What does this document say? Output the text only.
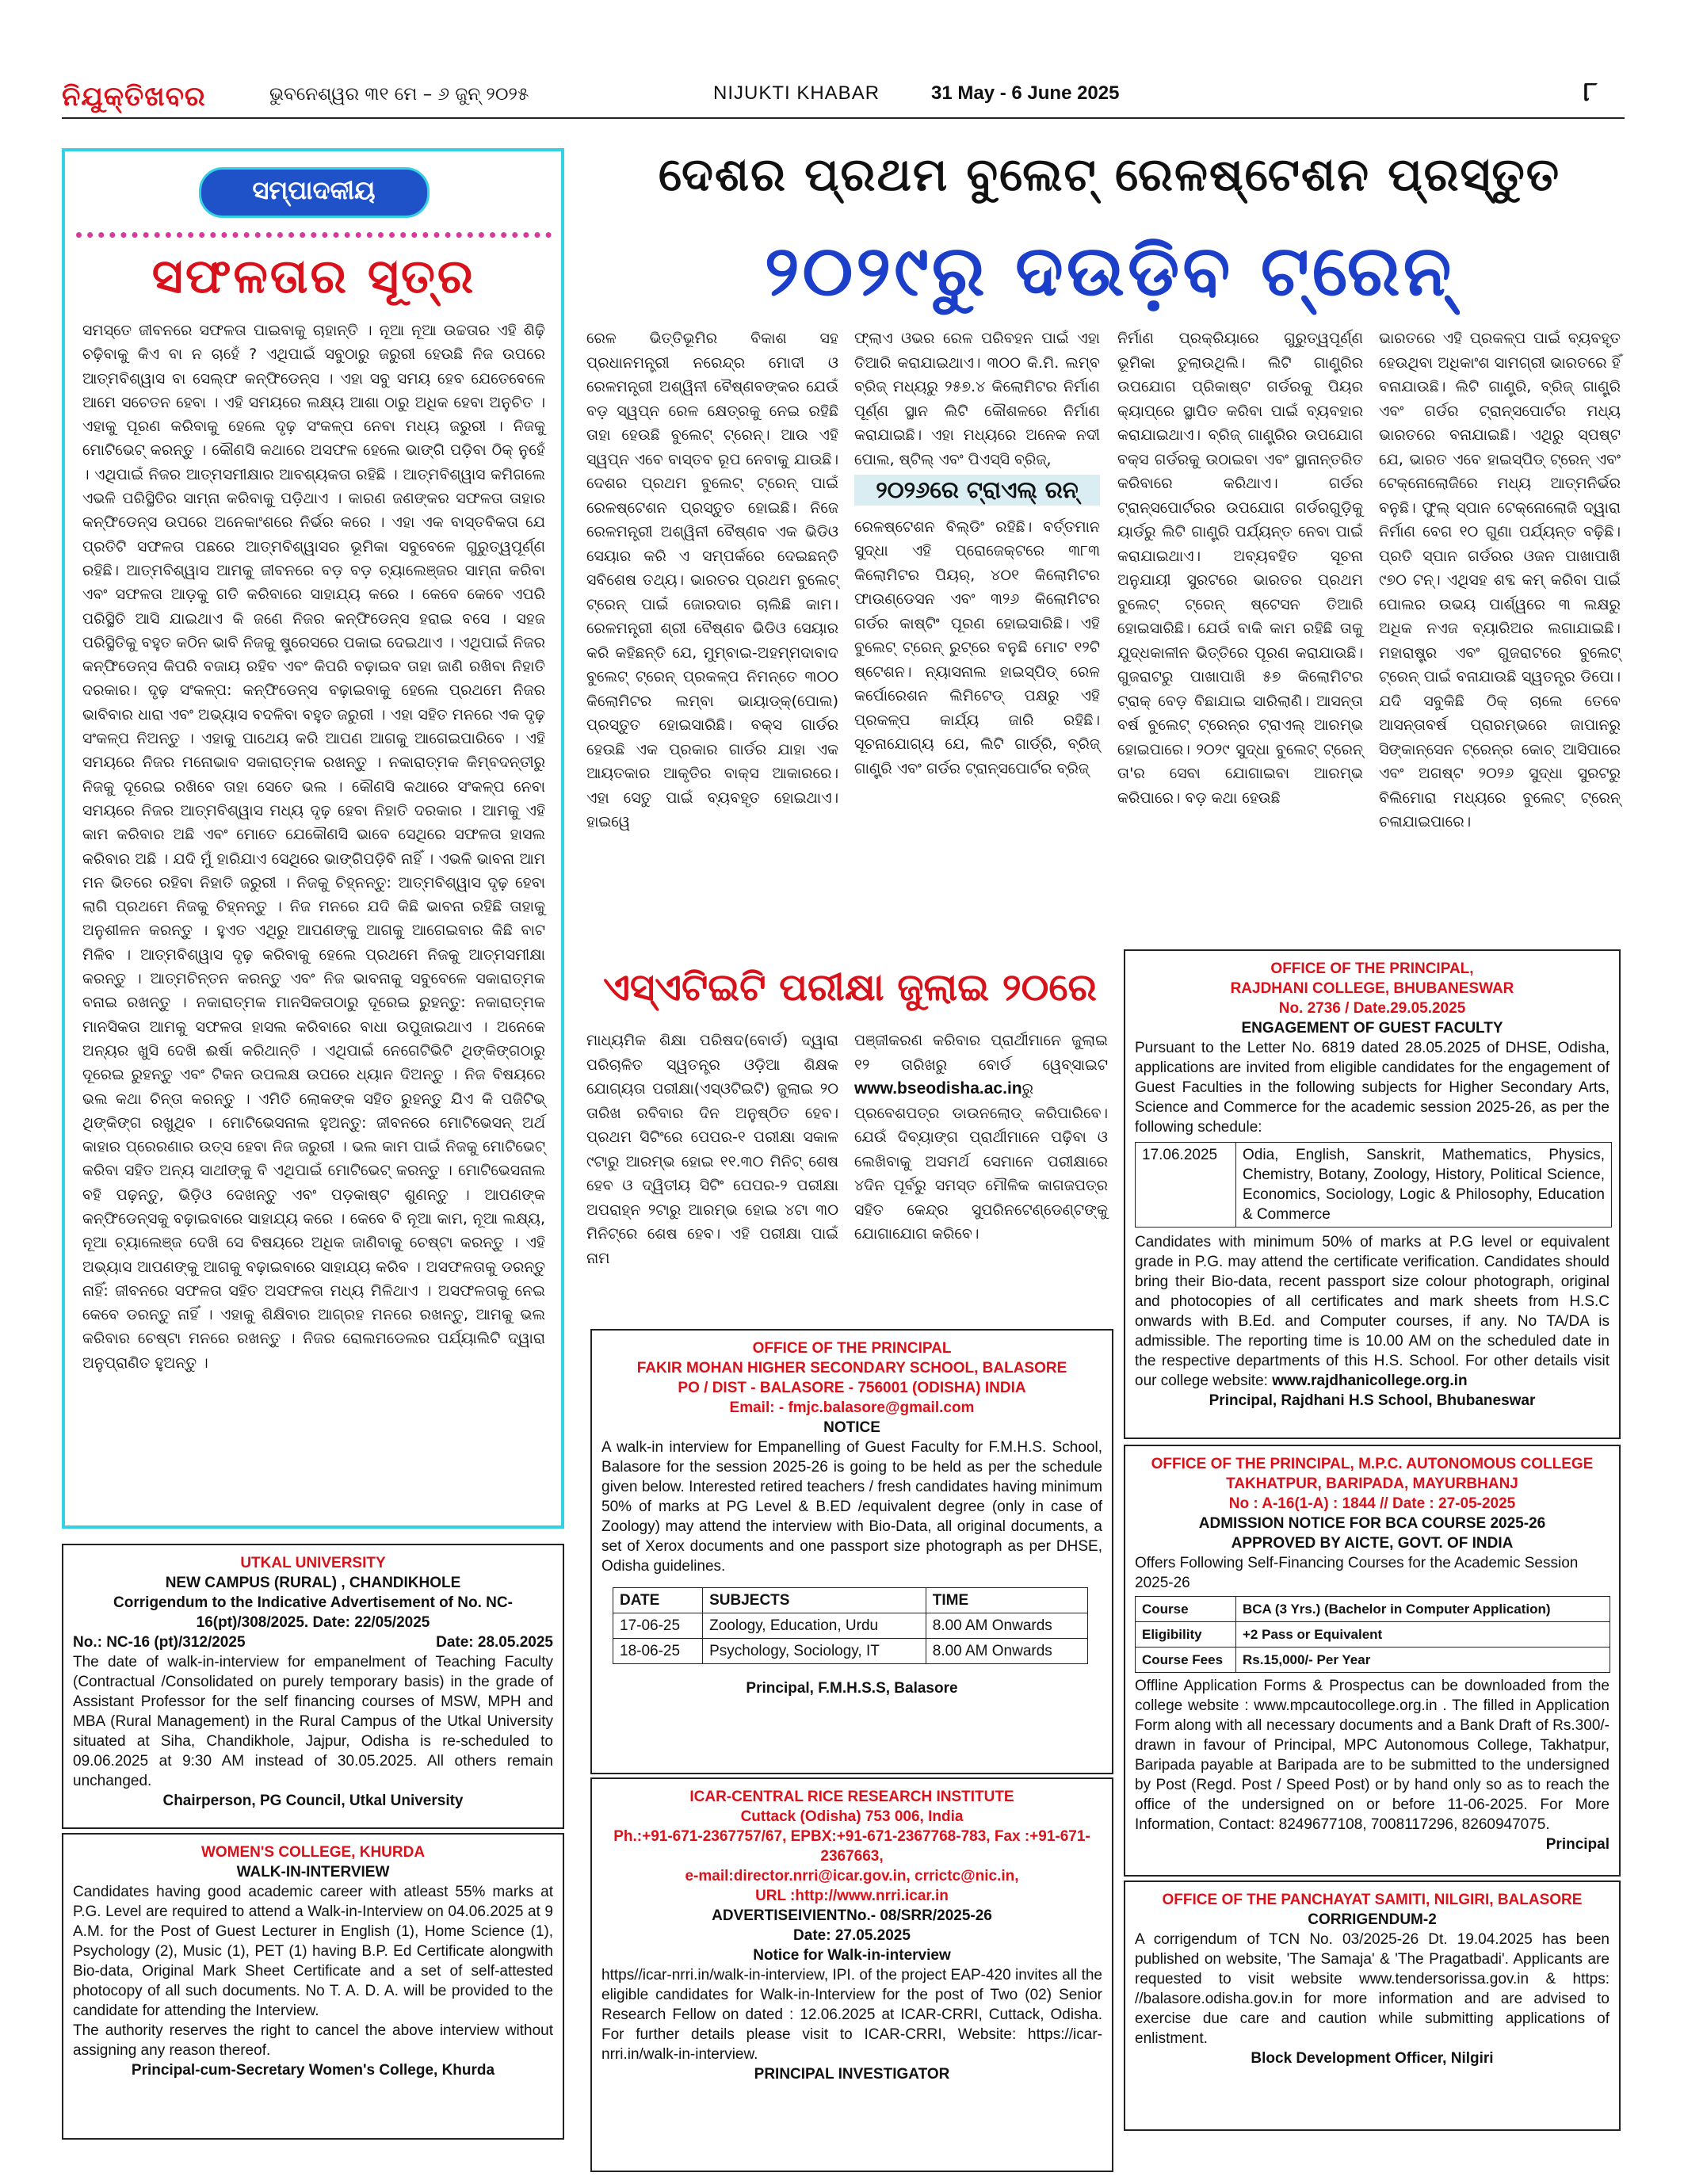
ନିଯୁକ୍ତିଖବର	ଭୁବନେଶ୍ୱର ୩୧ ମେ – ୬ ଜୁନ୍ ୨୦୨୫	NIJUKTI KHABAR	31 May - 6 June 2025	୮
ସମ୍ପାଦକୀୟ
ସଫଳତାର ସୂତ୍ର

ସମସ୍ତେ ଜୀବନରେ ସଫଳତା ପାଇବାକୁ ଚାହାନ୍ତି । ନୂଆ ନୂଆ ଉଚ୍ଚତାର ଏହି ଶିଢ଼ି ଚଢ଼ିବାକୁ କିଏ ବା ନ ଚାହେଁ ? ଏଥିପାଇଁ ସବୁଠାରୁ ଜରୁରୀ ହେଉଛି ନିଜ ଉପରେ ଆତ୍ମବିଶ୍ୱାସ ବା ସେଲ୍ଫ କନ୍ଫିଡେନ୍ସ । ଏହା ସବୁ ସମୟ ହେବ ଯେତେବେଳେ ଆମେ ସଚେତନ ହେବା । ଏହି ସମୟରେ ଲକ୍ଷ୍ୟ ଆଶା ଠାରୁ ଅଧିକ ହେବା ଅନୁଚିତ । ଏହାକୁ ପୂରଣ କରିବାକୁ ହେଲେ ଦୃଢ଼ ସଂକଳ୍ପ ନେବା ମଧ୍ୟ ଜରୁରୀ । ନିଜକୁ ମୋଟିଭେଟ୍ କରନ୍ତୁ । କୌଣସି କଥାରେ ଅସଫଳ ହେଲେ ଭାଙ୍ଗି ପଡ଼ିବା ଠିକ୍ ନୁହେଁ । ଏଥିପାଇଁ ନିଜର ଆତ୍ମସମୀକ୍ଷାର ଆବଶ୍ୟକତା ରହିଛି । ଆତ୍ମବିଶ୍ୱାସ କମିଗଲେ ଏଭଳି ପରିସ୍ଥିତିର ସାମ୍ନା କରିବାକୁ ପଡ଼ିଥାଏ । କାରଣ ଜଣଙ୍କର ସଫଳତା ତାହାର କନ୍ଫିଡେନ୍ସ ଉପରେ ଅନେକାଂଶରେ ନିର୍ଭର କରେ । ଏହା ଏକ ବାସ୍ତବିକତା ଯେ ପ୍ରତିଟି ସଫଳତା ପଛରେ ଆତ୍ମବିଶ୍ୱାସର ଭୂମିକା ସବୁବେଳେ ଗୁରୁତ୍ୱପୂର୍ଣ୍ଣ ରହିଛି। ଆତ୍ମବିଶ୍ୱାସ ଆମକୁ ଜୀବନରେ ବଡ଼ ବଡ଼ ଚ୍ୟାଲେଞ୍ଜର ସାମ୍ନା କରିବା ଏବଂ ସଫଳତା ଆଡ଼କୁ ଗତି କରିବାରେ ସାହାଯ୍ୟ କରେ । କେବେ କେବେ ଏପରି ପରିସ୍ଥିତି ଆସି ଯାଇଥାଏ କି ଜଣେ ନିଜର କନ୍ଫିଡେନ୍ସ ହରାଇ ବସେ । ସହଜ ପରିସ୍ଥିତିକୁ ବହୁତ କଠିନ ଭାବି ନିଜକୁ ଷ୍ଟ୍ରେସରେ ପକାଇ ଦେଇଥାଏ । ଏଥିପାଇଁ ନିଜର କନ୍ଫିଡେନ୍ସ କିପରି ବଜାୟ ରହିବ ଏବଂ କିପରି ବଢ଼ାଇବ ତାହା ଜାଣି ରଖିବା ନିହାତି ଦରକାର। ଦୃଢ଼ ସଂକଳ୍ପ: କନ୍ଫିଡେନ୍ସ ବଢ଼ାଇବାକୁ ହେଲେ ପ୍ରଥମେ ନିଜର ଭାବିବାର ଧାରା ଏବଂ ଅଭ୍ୟାସ ବଦଳିବା ବହୁତ ଜରୁରୀ । ଏହା ସହିତ ମନରେ ଏକ ଦୃଢ଼ ସଂକଳ୍ପ ନିଅନ୍ତୁ । ଏହାକୁ ପାଥେୟ କରି ଆପଣ ଆଗକୁ ଆଗେଇପାରିବେ । ଏହି ସମୟରେ ନିଜର ମନୋଭାବ ସକାରାତ୍ମକ ରଖନ୍ତୁ । ନକାରାତ୍ମକ କିମ୍ବଦନ୍ତୀରୁ ନିଜକୁ ଦୂରେଇ ରଖିବେ ତାହା ସେତେ ଭଲ । କୌଣସି କଥାରେ ସଂକଳ୍ପ ନେବା ସମୟରେ ନିଜର ଆତ୍ମବିଶ୍ୱାସ ମଧ୍ୟ ଦୃଢ଼ ହେବା ନିହାତି ଦରକାର । ଆମକୁ ଏହି କାମ କରିବାର ଅଛି ଏବଂ ମୋତେ ଯେକୌଣସି ଭାବେ ସେଥିରେ ସଫଳତା ହାସଲ କରିବାର ଅଛି । ଯଦି ମୁଁ ହାରିଯାଏ ସେଥିରେ ଭାଙ୍ଗିପଡ଼ିବି ନାହିଁ । ଏଭଳି ଭାବନା ଆମ ମନ ଭିତରେ ରହିବା ନିହାତି ଜରୁରୀ । ନିଜକୁ ଚିହ୍ନନ୍ତୁ: ଆତ୍ମବିଶ୍ୱାସ ଦୃଢ଼ ହେବା ଲାଗି ପ୍ରଥମେ ନିଜକୁ ଚିହ୍ନନ୍ତୁ । ନିଜ ମନରେ ଯଦି କିଛି ଭାବନା ରହିଛି ତାହାକୁ ଅନୁଶୀଳନ କରନ୍ତୁ । ହୁଏତ ଏଥିରୁ ଆପଣଙ୍କୁ ଆଗକୁ ଆଗେଇବାର କିଛି ବାଟ ମିଳିବ । ଆତ୍ମବିଶ୍ୱାସ ଦୃଢ଼ କରିବାକୁ ହେଲେ ପ୍ରଥମେ ନିଜକୁ ଆତ୍ମସମୀକ୍ଷା କରନ୍ତୁ । ଆତ୍ମଚିନ୍ତନ କରନ୍ତୁ ଏବଂ ନିଜ ଭାବନାକୁ ସବୁବେଳେ ସକାରାତ୍ମକ ବନାଇ ରଖନ୍ତୁ । ନକାରାତ୍ମକ ମାନସିକତାଠାରୁ ଦୂରେଇ ରୁହନ୍ତୁ: ନକାରାତ୍ମକ ମାନସିକତା ଆମକୁ ସଫଳତା ହାସଲ କରିବାରେ ବାଧା ଉପୁଜାଇଥାଏ । ଅନେକେ ଅନ୍ୟର ଖୁସି ଦେଖି ଈର୍ଷା କରିଥାନ୍ତି । ଏଥିପାଇଁ ନେଗେଟିଭିଟି ଥିଙ୍କିଙ୍ଗଠାରୁ ଦୂରେଇ ରୁହନ୍ତୁ ଏବଂ ଟିକନ ଉପଲକ୍ଷ ଉପରେ ଧ୍ୟାନ ଦିଅନ୍ତୁ । ନିଜ ବିଷୟରେ ଭଲ କଥା ଚିନ୍ତା କରନ୍ତୁ । ଏମିତି ଲୋକଙ୍କ ସହିତ ରୁହନ୍ତୁ ଯିଏ କି ପଜିଟିଭ୍ ଥିଙ୍କିଙ୍ଗ ରଖୁଥିବ । ମୋଟିଭେସନାଲ ହୁଅନ୍ତୁ: ଜୀବନରେ ମୋଟିଭେସନ୍ ଅର୍ଥ କାହାର ପ୍ରେରଣାର ଉତ୍ସ ହେବା ନିଜ ଜରୁରୀ । ଭଲ କାମ ପାଇଁ ନିଜକୁ ମୋଟିଭେଟ୍ କରିବା ସହିତ ଅନ୍ୟ ସାଥୀଙ୍କୁ ବି ଏଥିପାଇଁ ମୋଟିଭେଟ୍ କରନ୍ତୁ । ମୋଟିଭେସନାଲ ବହି ପଢ଼ନ୍ତୁ, ଭିଡ଼ିଓ ଦେଖନ୍ତୁ ଏବଂ ପଡ଼କାଷ୍ଟ ଶୁଣନ୍ତୁ । ଆପଣଙ୍କ କନ୍ଫିଡେନ୍ସକୁ ବଢ଼ାଇବାରେ ସାହାଯ୍ୟ କରେ । କେବେ ବି ନୂଆ କାମ, ନୂଆ ଲକ୍ଷ୍ୟ, ନୂଆ ଚ୍ୟାଲେଞ୍ଜ ଦେଖି ସେ ବିଷୟରେ ଅଧିକ ଜାଣିବାକୁ ଚେଷ୍ଟା କରନ୍ତୁ । ଏହି ଅଭ୍ୟାସ ଆପଣଙ୍କୁ ଆଗକୁ ବଢ଼ାଇବାରେ ସାହାଯ୍ୟ କରିବ । ଅସଫଳତାକୁ ଡରନ୍ତୁ ନାହିଁ: ଜୀବନରେ ସଫଳତା ସହିତ ଅସଫଳତା ମଧ୍ୟ ମିଳିଥାଏ । ଅସଫଳତାକୁ ନେଇ କେବେ ଡରନ୍ତୁ ନାହିଁ । ଏହାକୁ ଶିକ୍ଷିବାର ଆଗ୍ରହ ମନରେ ରଖନ୍ତୁ, ଆମକୁ ଭଲ କରିବାର ଚେଷ୍ଟା ମନରେ ରଖନ୍ତୁ । ନିଜର ରୋଲମଡେଲର ପର୍ଯ୍ୟାଲିଟି ଦ୍ୱାରା ଅନୁପ୍ରାଣିତ ହୁଅନ୍ତୁ ।

ଦେଶର ପ୍ରଥମ ବୁଲେଟ୍ ରେଳଷ୍ଟେଶନ ପ୍ରସ୍ତୁତ
୨୦୨୯ରୁ ଦଉଡ଼ିବ ଟ୍ରେନ୍

ରେଳ ଭିତ୍ତିଭୂମିର ବିକାଶ ସହ ପ୍ରଧାନମନ୍ତ୍ରୀ ନରେନ୍ଦ୍ର ମୋଦୀ ଓ ରେଳମନ୍ତ୍ରୀ ଅଶ୍ୱିନୀ ବୈଷ୍ଣବଙ୍କର ଯେଉଁ ବଡ଼ ସ୍ୱପ୍ନ ରେଳ କ୍ଷେତ୍ରକୁ ନେଇ ରହିଛି ତାହା ହେଉଛି ବୁଲେଟ୍ ଟ୍ରେନ୍। ଆଉ ଏହି ସ୍ୱପ୍ନ ଏବେ ବାସ୍ତବ ରୂପ ନେବାକୁ ଯାଉଛି। ଦେଶର ପ୍ରଥମ ବୁଲେଟ୍ ଟ୍ରେନ୍ ପାଇଁ ରେଳଷ୍ଟେଶନ ପ୍ରସ୍ତୁତ ହୋଇଛି। ନିଜେ ରେଳମନ୍ତ୍ରୀ ଅଶ୍ୱିନୀ ବୈଷ୍ଣବ ଏକ ଭିଡିଓ ସେୟାର କରି ଏ ସମ୍ପର୍କରେ ଦେଇଛନ୍ତି ସବିଶେଷ ତଥ୍ୟ। ଭାରତର ପ୍ରଥମ ବୁଲେଟ୍ ଟ୍ରେନ୍ ପାଇଁ ଜୋରଦାର ଚାଲିଛି କାମ। ରେଳମନ୍ତ୍ରୀ ଶ୍ରୀ ବୈଷ୍ଣବ ଭିଡିଓ ସେୟାର କରି କହିଛନ୍ତି ଯେ, ମୁମ୍ବାଇ-ଅହମ୍ମଦାବାଦ ବୁଲେଟ୍ ଟ୍ରେନ୍ ପ୍ରକଳ୍ପ ନିମନ୍ତେ ୩୦୦ କିଲୋମିଟର ଲମ୍ବା ଭାୟାଡ୍କ୍(ପୋଲ) ପ୍ରସ୍ତୁତ ହୋଇସାରିଛି। ବକ୍ସ ଗାର୍ଡର ହେଉଛି ଏକ ପ୍ରକାର ଗାର୍ଡର ଯାହା ଏକ ଆୟତକାର ଆକୃତିର ବାକ୍ସ ଆକାରରେ। ଏହା ସେତୁ ପାଇଁ ବ୍ୟବହୃତ ହୋଇଥାଏ। ହାଇୱେ

ଫ୍ଲାଏ ଓଭର ରେଳ ପରିବହନ ପାଇଁ ଏହା ତିଆରି କରାଯାଇଥାଏ। ୩୦୦ କି.ମି. ଲମ୍ବ ବ୍ରିଜ୍ ମଧ୍ୟରୁ ୨୫୭.୪ କିଲୋମିଟର ନିର୍ମାଣ ପୂର୍ଣ୍ଣ ସ୍ଥାନ ଲିଟି କୌଶଳରେ ନିର୍ମାଣ କରାଯାଇଛି। ଏହା ମଧ୍ୟରେ ଅନେକ ନଦୀ ପୋଲ, ଷ୍ଟିଲ୍ ଏବଂ ପିଏସ୍‌ସି ବ୍ରିଜ୍,

୨୦୨୬ରେ ଟ୍ରାଏଲ୍ ରନ୍

ରେଳଷ୍ଟେଶନ ବିଲ୍ଡିଂ ରହିଛି। ବର୍ତ୍ତମାନ ସୁଦ୍ଧା ଏହି ପ୍ରୋଜେକ୍ଟରେ ୩୮୩ କିଲୋମିଟର ପିୟର୍, ୪୦୧ କିଲୋମିଟର ଫାଉଣ୍ଡେସନ ଏବଂ ୩୨୬ କିଲୋମିଟର ଗର୍ଡର କାଷ୍ଟିଂ ପୂରଣ ହୋଇସାରିଛି। ଏହି ବୁଲେଟ୍ ଟ୍ରେନ୍ ରୁଟ୍‌ରେ ବନୁଛି ମୋଟ ୧୨ଟି ଷ୍ଟେଶନ। ନ୍ୟାସନାଲ ହାଇସ୍ପିଡ୍ ରେଳ କର୍ପୋରେଶନ ଲିମିଟେଡ୍ ପକ୍ଷରୁ ଏହି ପ୍ରକଳ୍ପ କାର୍ଯ୍ୟ ଜାରି ରହିଛି। ସୂଚନାଯୋଗ୍ୟ ଯେ, ଲିଟି ଗାର୍ଡ୍ରି, ବ୍ରିଜ୍ ଗାଣ୍ଟ୍ରି ଏବଂ ଗର୍ଡର ଟ୍ରାନ୍ସପୋର୍ଟର ବ୍ରିଜ୍

ନିର୍ମାଣ ପ୍ରକ୍ରିୟାରେ ଗୁରୁତ୍ୱପୂର୍ଣ୍ଣ ଭୂମିକା ତୁଲାଉଥିଲି। ଲିଟି ଗାଣ୍ଟ୍ରିର ଉପଯୋଗ ପ୍ରିକାଷ୍ଟ ଗର୍ଡରକୁ ପିୟର କ୍ୟାପ୍‌ରେ ସ୍ଥାପିତ କରିବା ପାଇଁ ବ୍ୟବହାର କରାଯାଇଥାଏ। ବ୍ରିଜ୍ ଗାଣ୍ଟ୍ରିର ଉପଯୋଗ ବକ୍ସ ଗର୍ଡରକୁ ଉଠାଇବା ଏବଂ ସ୍ଥାନାନ୍ତରିତ କରିବାରେ କରିଥାଏ। ଗର୍ଡର ଟ୍ରାନ୍ସପୋର୍ଟରର ଉପଯୋଗ ଗର୍ଡରଗୁଡ଼ିକୁ ୟାର୍ଡରୁ ଲିଟି ଗାଣ୍ଟ୍ରି ପର୍ଯ୍ୟନ୍ତ ନେବା ପାଇଁ କରାଯାଇଥାଏ। ଅବ୍ୟବହିତ ସୂଚନା ଅନୁଯାୟୀ ସୁରଟରେ ଭାରତର ପ୍ରଥମ ବୁଲେଟ୍ ଟ୍ରେନ୍ ଷ୍ଟେସନ ତିଆରି ହୋଇସାରିଛି। ଯେଉଁ ବାକି କାମ ରହିଛି ତାକୁ ଯୁଦ୍ଧକାଳୀନ ଭିତ୍ତିରେ ପୂରଣ କରାଯାଉଛି। ଗୁଜରାଟରୁ ପାଖାପାଖି ୫୭ କିଲୋମିଟର ଟ୍ରାକ୍ ବେଡ଼ ବିଛାଯାଇ ସାରିଲାଣି। ଆସନ୍ତା ବର୍ଷ ବୁଲେଟ୍ ଟ୍ରେନ୍‌ର ଟ୍ରାଏଲ୍ ଆରମ୍ଭ ହୋଇପାରେ। ୨୦୨୯ ସୁଦ୍ଧା ବୁଲେଟ୍ ଟ୍ରେନ୍ ତା'ର ସେବା ଯୋଗାଇବା ଆରମ୍ଭ କରିପାରେ। ବଡ଼ କଥା ହେଉଛି

ଭାରତରେ ଏହି ପ୍ରକଳ୍ପ ପାଇଁ ବ୍ୟବହୃତ ହେଉଥିବା ଅଧିକାଂଶ ସାମଗ୍ରୀ ଭାରତରେ ହିଁ ବନାଯାଉଛି। ଲିଟି ଗାଣ୍ଟ୍ରି, ବ୍ରିଜ୍ ଗାଣ୍ଟ୍ରି ଏବଂ ଗର୍ଡର ଟ୍ରାନ୍ସପୋର୍ଟର ମଧ୍ୟ ଭାରତରେ ବନାଯାଇଛି। ଏଥିରୁ ସ୍ପଷ୍ଟ ଯେ, ଭାରତ ଏବେ ହାଇସ୍ପିଡ୍ ଟ୍ରେନ୍ ଏବଂ ଟେକ୍ନୋଲୋଜିରେ ମଧ୍ୟ ଆତ୍ମନିର୍ଭର ବନୁଛି। ଫୁଲ୍ ସ୍ପାନ ଟେକ୍ନୋଲୋଜି ଦ୍ୱାରା ନିର୍ମାଣ ବେଗ ୧୦ ଗୁଣା ପର୍ଯ୍ୟନ୍ତ ବଢ଼ିଛି। ପ୍ରତି ସ୍ପାନ ଗର୍ଡରର ଓଜନ ପାଖାପାଖି ୯୭୦ ଟନ୍। ଏଥିସହ ଶବ୍ଦ କମ୍ କରିବା ପାଇଁ ପୋଲର ଉଭୟ ପାର୍ଶ୍ୱରେ ୩ ଲକ୍ଷରୁ ଅଧିକ ନଏଜ ବ୍ୟାରିଅର ଲଗାଯାଇଛି। ମହାରାଷ୍ଟ୍ର ଏବଂ ଗୁଜରାଟରେ ବୁଲେଟ୍ ଟ୍ରେନ୍ ପାଇଁ ବନାଯାଉଛି ସ୍ୱତନ୍ତ୍ର ଡିପୋ। ଯଦି ସବୁକିଛି ଠିକ୍ ଚାଲେ ତେବେ ଆସନ୍ତାବର୍ଷ ପ୍ରାରମ୍ଭରେ ଜାପାନରୁ ସିଙ୍କାନ୍‌ସେନ ଟ୍ରେନ୍‌ର କୋଚ୍ ଆସିପାରେ ଏବଂ ଅଗଷ୍ଟ ୨୦୨୬ ସୁଦ୍ଧା ସୁରଟରୁ ବିଲିମୋରା ମଧ୍ୟରେ ବୁଲେଟ୍ ଟ୍ରେନ୍ ଚଳାଯାଇପାରେ।

ଏସ୍ଏଟିଇଟି ପରୀକ୍ଷା ଜୁଲାଇ ୨୦ରେ

ମାଧ୍ୟମିକ ଶିକ୍ଷା ପରିଷଦ(ବୋର୍ଡ) ଦ୍ୱାରା ପରିଚାଳିତ ସ୍ୱତନ୍ତ୍ର ଓଡ଼ିଆ ଶିକ୍ଷକ ଯୋଗ୍ୟତା ପରୀକ୍ଷା(ଏସ୍ଓଟିଇଟି) ଜୁଲାଇ ୨୦ ତାରିଖ ରବିବାର ଦିନ ଅନୁଷ୍ଠିତ ହେବ। ପ୍ରଥମ ସିଟିଂରେ ପେପର-୧ ପରୀକ୍ଷା ସକାଳ ୯ଟାରୁ ଆରମ୍ଭ ହୋଇ ୧୧.୩୦ ମିନିଟ୍ ଶେଷ ହେବ ଓ ଦ୍ୱିତୀୟ ସିଟିଂ ପେପର-୨ ପରୀକ୍ଷା ଅପରାହ୍ନ ୨ଟାରୁ ଆରମ୍ଭ ହୋଇ ୪ଟା ୩୦ ମିନିଟ୍‌ରେ ଶେଷ ହେବ। ଏହି ପରୀକ୍ଷା ପାଇଁ ନାମ

ପଞ୍ଜୀକରଣ କରିବାର ପ୍ରାର୍ଥୀମାନେ ଜୁଲାଇ ୧୨ ତାରିଖରୁ ବୋର୍ଡ ୱେବ୍ସାଇଟ www.bseodisha.ac.inରୁ ପ୍ରବେଶପତ୍ର ଡାଉନଲୋଡ୍ କରିପାରିବେ। ଯେଉଁ ଦିବ୍ୟାଙ୍ଗ ପ୍ରାର୍ଥୀମାନେ ପଢ଼ିବା ଓ ଲେଖିବାକୁ ଅସମର୍ଥ ସେମାନେ ପରୀକ୍ଷାରେ ୪ଦିନ ପୂର୍ବରୁ ସମସ୍ତ ମୌଳିକ କାଗଜପତ୍ର ସହିତ କେନ୍ଦ୍ର ସୁପରିନଟେଣ୍ଡେଣ୍ଟଙ୍କୁ ଯୋଗାଯୋଗ କରିବେ।
OFFICE OF THE PRINCIPAL
FAKIR MOHAN HIGHER SECONDARY SCHOOL, BALASORE
PO / DIST - BALASORE - 756001 (ODISHA) INDIA
Email: - fmjc.balasore@gmail.com
NOTICE
A walk-in interview for Empanelling of Guest Faculty for F.M.H.S. School, Balasore for the session 2025-26 is going to be held as per the schedule given below. Interested retired teachers / fresh candidates having minimum 50% of marks at PG Level & B.ED /equivalent degree (only in case of Zoology) may attend the interview with Bio-Data, all original documents, a set of Xerox documents and one passport size photograph as per DHSE, Odisha guidelines.
DATE	SUBJECTS	TIME
17-06-25	Zoology, Education, Urdu	8.00 AM Onwards
18-06-25	Psychology, Sociology, IT	8.00 AM Onwards
Principal, F.M.H.S.S, Balasore
ICAR-CENTRAL RICE RESEARCH INSTITUTE
Cuttack (Odisha) 753 006, India
Ph.:+91-671-2367757/67, EPBX:+91-671-2367768-783, Fax :+91-671-2367663,
e-mail:director.nrri@icar.gov.in, crrictc@nic.in,
URL :http://www.nrri.icar.in
ADVERTISEIVIENTNo.- 08/SRR/2025-26
Date: 27.05.2025
Notice for Walk-in-interview
https//icar-nrri.in/walk-in-interview, IPI. of the project EAP-420 invites all the eligible candidates for Walk-in-Interview for the post of Two (02) Senior Research Fellow on dated : 12.06.2025 at ICAR-CRRI, Cuttack, Odisha. For further details please visit to ICAR-CRRI, Website: https://icar-nrri.in/walk-in-interview.
PRINCIPAL INVESTIGATOR
OFFICE OF THE PRINCIPAL,
RAJDHANI COLLEGE, BHUBANESWAR
No. 2736 / Date.29.05.2025
ENGAGEMENT OF GUEST FACULTY
Pursuant to the Letter No. 6819 dated 28.05.2025 of DHSE, Odisha, applications are invited from eligible candidates for the engagement of Guest Faculties in the following subjects for Higher Secondary Arts, Science and Commerce for the academic session 2025-26, as per the following schedule:
17.06.2025	Odia, English, Sanskrit, Mathematics, Physics, Chemistry, Botany, Zoology, History, Political Science, Economics, Sociology, Logic & Philosophy, Education & Commerce
Candidates with minimum 50% of marks at P.G level or equivalent grade in P.G. may attend the certificate verification. Candidates should bring their Bio-data, recent passport size colour photograph, original and photocopies of all certificates and mark sheets from H.S.C onwards with B.Ed. and Computer courses, if any. No TA/DA is admissible. The reporting time is 10.00 AM on the scheduled date in the respective departments of this H.S. School. For other details visit our college website: www.rajdhanicollege.org.in
Principal, Rajdhani H.S School, Bhubaneswar
OFFICE OF THE PRINCIPAL, M.P.C. AUTONOMOUS COLLEGE
TAKHATPUR, BARIPADA, MAYURBHANJ
No : A-16(1-A) : 1844 // Date : 27-05-2025
ADMISSION NOTICE FOR BCA COURSE 2025-26
APPROVED BY AICTE, GOVT. OF INDIA
Offers Following Self-Financing Courses for the Academic Session 2025-26
Course	BCA (3 Yrs.) (Bachelor in Computer Application)
Eligibility	+2 Pass or Equivalent
Course Fees	Rs.15,000/- Per Year
Offline Application Forms & Prospectus can be downloaded from the college website : www.mpcautocollege.org.in . The filled in Application Form along with all necessary documents and a Bank Draft of Rs.300/- drawn in favour of Principal, MPC Autonomous College, Takhatpur, Baripada payable at Baripada are to be submitted to the undersigned by Post (Regd. Post / Speed Post) or by hand only so as to reach the office of the undersigned on or before 11-06-2025. For More Information, Contact: 8249677108, 7008117296, 8260947075.
Principal
OFFICE OF THE PANCHAYAT SAMITI, NILGIRI, BALASORE
CORRIGENDUM-2
A corrigendum of TCN No. 03/2025-26 Dt. 19.04.2025 has been published on website, 'The Samaja' & 'The Pragatbadi'. Applicants are requested to visit website www.tendersorissa.gov.in & https: //balasore.odisha.gov.in for more information and are advised to exercise due care and caution while submitting applications of enlistment.
Block Development Officer, Nilgiri
UTKAL UNIVERSITY
NEW CAMPUS (RURAL) , CHANDIKHOLE
Corrigendum to the Indicative Advertisement of No. NC-16(pt)/308/2025. Date: 22/05/2025
No.: NC-16 (pt)/312/2025	Date: 28.05.2025
The date of walk-in-interview for empanelment of Teaching Faculty (Contractual /Consolidated on purely temporary basis) in the grade of Assistant Professor for the self financing courses of MSW, MPH and MBA (Rural Management) in the Rural Campus of the Utkal University situated at Siha, Chandikhole, Jajpur, Odisha is re-scheduled to 09.06.2025 at 9:30 AM instead of 30.05.2025. All others remain unchanged.
Chairperson, PG Council, Utkal University
WOMEN'S COLLEGE, KHURDA
WALK-IN-INTERVIEW
Candidates having good academic career with atleast 55% marks at P.G. Level are required to attend a Walk-in-Interview on 04.06.2025 at 9 A.M. for the Post of Guest Lecturer in English (1), Home Science (1), Psychology (2), Music (1), PET (1) having B.P. Ed Certificate alongwith Bio-data, Original Mark Sheet Certificate and a set of self-attested photocopy of all such documents. No T. A. D. A. will be provided to the candidate for attending the Interview.
The authority reserves the right to cancel the above interview without assigning any reason thereof.
Principal-cum-Secretary Women's College, Khurda
